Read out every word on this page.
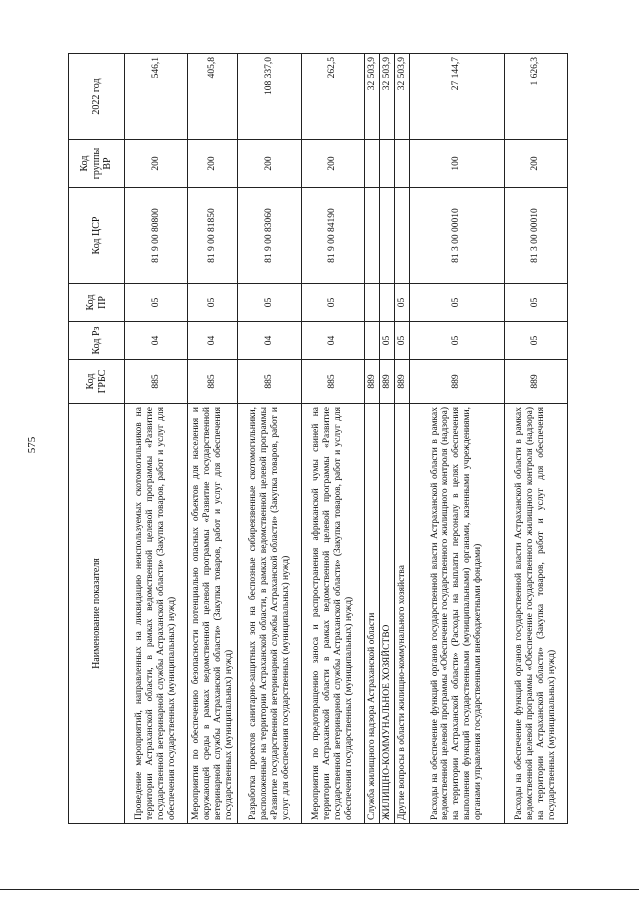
575
Наименование показателя	Код ГРБС	Код Рз	Код ПР	Код ЦСР	Код группы ВР	2022 год
Проведение мероприятий, направленных на ликвидацию неиспользуемых скотомогильников на территории Астраханской области, в рамках ведомственной целевой программы «Развитие государственной ветеринарной службы Астраханской области» (Закупка товаров, работ и услуг для обеспечения государственных (муниципальных) нужд)	885	04	05	81 9 00 80800	200	546,1
Мероприятия по обеспечению безопасности потенциально опасных объектов для населения и окружающей среды в рамках ведомственной целевой программы «Развитие государственной ветеринарной службы Астраханской области» (Закупка товаров, работ и услуг для обеспечения государственных (муниципальных) нужд)	885	04	05	81 9 00 81850	200	405,8
Разработка проектов санитарно-защитных зон на беспозные сибиреязвенные скотомогильники, расположенные на территории Астраханской области, в рамках ведомственной целевой программы «Развитие государственной ветеринарной службы Астраханской области» (Закупка товаров, работ и услуг для обеспечения государственных (муниципальных) нужд)	885	04	05	81 9 00 83060	200	108 337,0
Мероприятия по предотвращению заноса и распространения африканской чумы свиней на территории Астраханской области в рамках ведомственной целевой программы «Развитие государственной ветеринарной службы Астраханской области» (Закупка товаров, работ и услуг для обеспечения государственных (муниципальных) нужд)	885	04	05	81 9 00 84190	200	262,5
Служба жилищного надзора Астраханской области	889					32 503,9
ЖИЛИЩНО-КОММУНАЛЬНОЕ ХОЗЯЙСТВО	889	05				32 503,9
Другие вопросы в области жилищно-коммунального хозяйства	889	05	05			32 503,9
Расходы на обеспечение функций органов государственной власти Астраханской области в рамках ведомственной целевой программы «Обеспечение государственного жилищного контроля (надзора) на территории Астраханской области» (Расходы на выплаты персоналу в целях обеспечения выполнения функций государственными (муниципальными) органами, казенными учреждениями, органами управления государственными внебюджетными фондами)	889	05	05	81 3 00 00010	100	27 144,7
Расходы на обеспечение функций органов государственной власти Астраханской области в рамках ведомственной целевой программы «Обеспечение государственного жилищного контроля (надзора) на территории Астраханской области» (Закупка товаров, работ и услуг для обеспечения государственных (муниципальных) нужд)	889	05	05	81 3 00 00010	200	1 626,3
